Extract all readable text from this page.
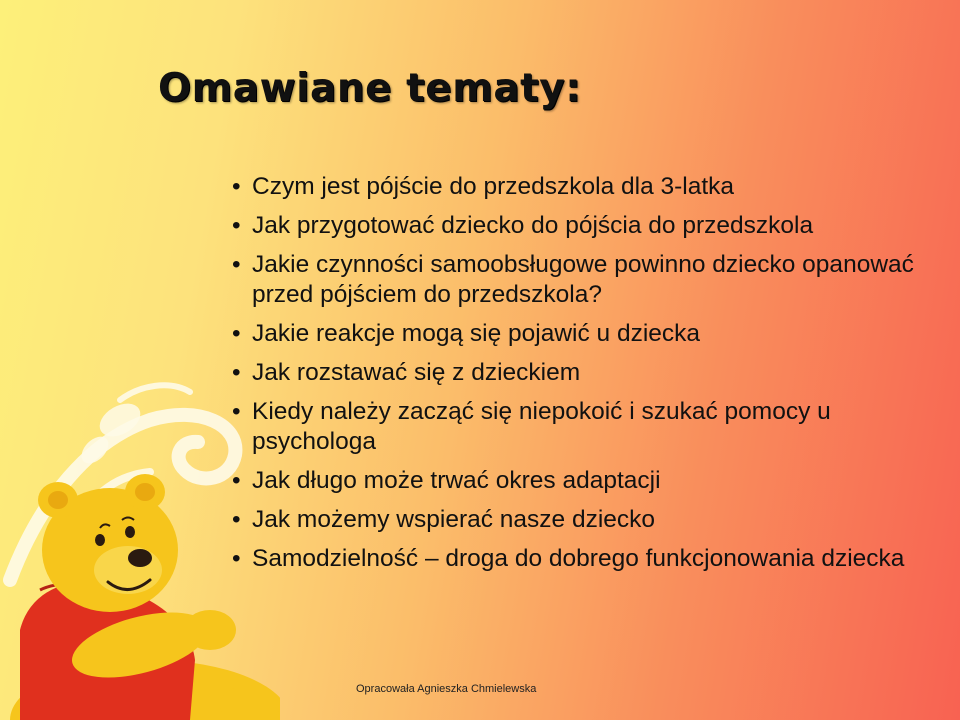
Omawiane tematy:
• Czym jest pójście do przedszkola dla 3-latka
• Jak przygotować dziecko do pójścia do przedszkola
• Jakie czynności samoobsługowe powinno dziecko opanować przed pójściem do przedszkola?
• Jakie reakcje mogą się pojawić u dziecka
• Jak rozstawać się z dzieckiem
• Kiedy należy zacząć się niepokoić i szukać pomocy u psychologa
• Jak długo może trwać okres adaptacji
• Jak możemy wspierać nasze dziecko
• Samodzielność – droga do dobrego funkcjonowania dziecka
Opracowała Agnieszka Chmielewska
